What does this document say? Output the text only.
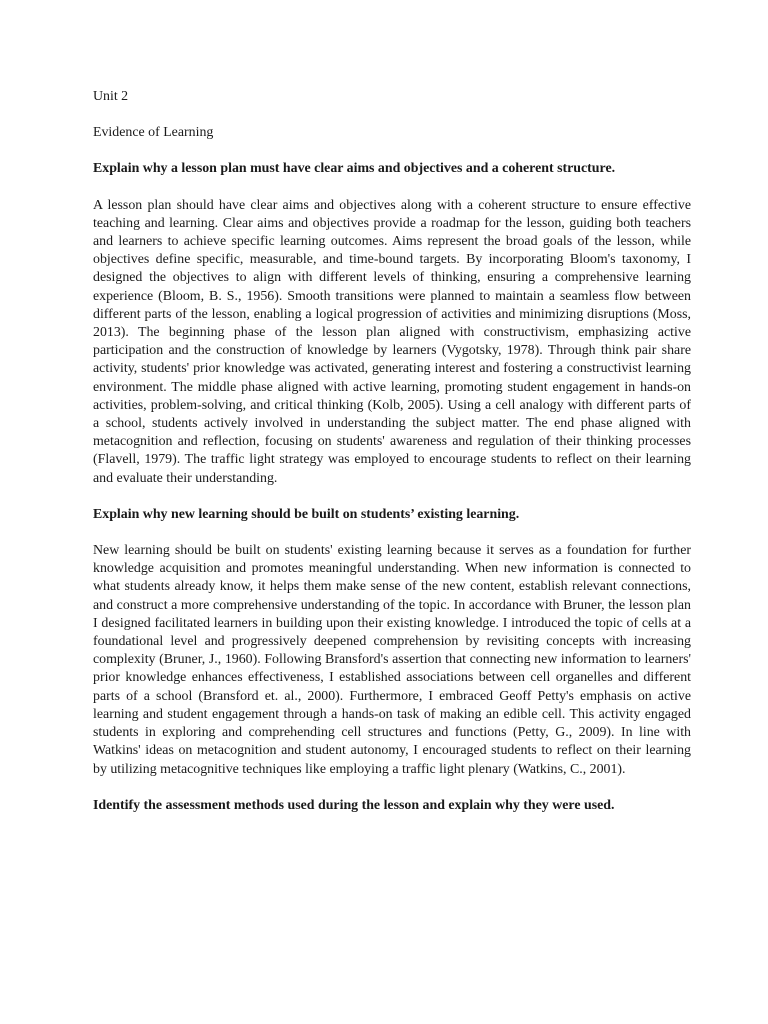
Unit 2

Evidence of Learning

Explain why a lesson plan must have clear aims and objectives and a coherent structure.

A lesson plan should have clear aims and objectives along with a coherent structure to ensure effective teaching and learning. Clear aims and objectives provide a roadmap for the lesson, guiding both teachers and learners to achieve specific learning outcomes. Aims represent the broad goals of the lesson, while objectives define specific, measurable, and time-bound targets. By incorporating Bloom's taxonomy, I designed the objectives to align with different levels of thinking, ensuring a comprehensive learning experience (Bloom, B. S., 1956). Smooth transitions were planned to maintain a seamless flow between different parts of the lesson, enabling a logical progression of activities and minimizing disruptions (Moss, 2013). The beginning phase of the lesson plan aligned with constructivism, emphasizing active participation and the construction of knowledge by learners (Vygotsky, 1978). Through think pair share activity, students' prior knowledge was activated, generating interest and fostering a constructivist learning environment. The middle phase aligned with active learning, promoting student engagement in hands-on activities, problem-solving, and critical thinking (Kolb, 2005). Using a cell analogy with different parts of a school, students actively involved in understanding the subject matter. The end phase aligned with metacognition and reflection, focusing on students' awareness and regulation of their thinking processes (Flavell, 1979). The traffic light strategy was employed to encourage students to reflect on their learning and evaluate their understanding.

Explain why new learning should be built on students’ existing learning.

New learning should be built on students' existing learning because it serves as a foundation for further knowledge acquisition and promotes meaningful understanding. When new information is connected to what students already know, it helps them make sense of the new content, establish relevant connections, and construct a more comprehensive understanding of the topic. In accordance with Bruner, the lesson plan I designed facilitated learners in building upon their existing knowledge. I introduced the topic of cells at a foundational level and progressively deepened comprehension by revisiting concepts with increasing complexity (Bruner, J., 1960). Following Bransford's assertion that connecting new information to learners' prior knowledge enhances effectiveness, I established associations between cell organelles and different parts of a school (Bransford et. al., 2000). Furthermore, I embraced Geoff Petty's emphasis on active learning and student engagement through a hands-on task of making an edible cell. This activity engaged students in exploring and comprehending cell structures and functions (Petty, G., 2009). In line with Watkins' ideas on metacognition and student autonomy, I encouraged students to reflect on their learning by utilizing metacognitive techniques like employing a traffic light plenary (Watkins, C., 2001).

Identify the assessment methods used during the lesson and explain why they were used.
